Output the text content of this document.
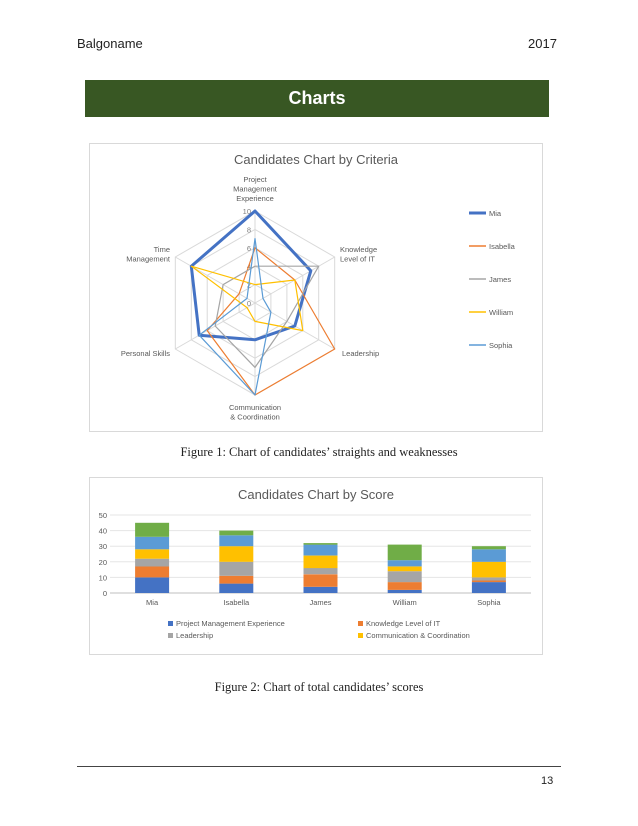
Balgoname	2017
Charts
Candidates Chart by Criteria
0
2
4
6
8
10
Project Management Experience
Knowledge Level of IT
Leadership
Communication & Coordination
Personal Skills
Time Management
Mia
Isabella
James
William
Sophia
Figure 1: Chart of candidates’ straights and weaknesses
Candidates Chart by Score
0
10
20
30
40
50
Mia	Isabella	James	William	Sophia
Project Management Experience	Knowledge Level of IT
Leadership	Communication & Coordination
Figure 2: Chart of total candidates’ scores
13
